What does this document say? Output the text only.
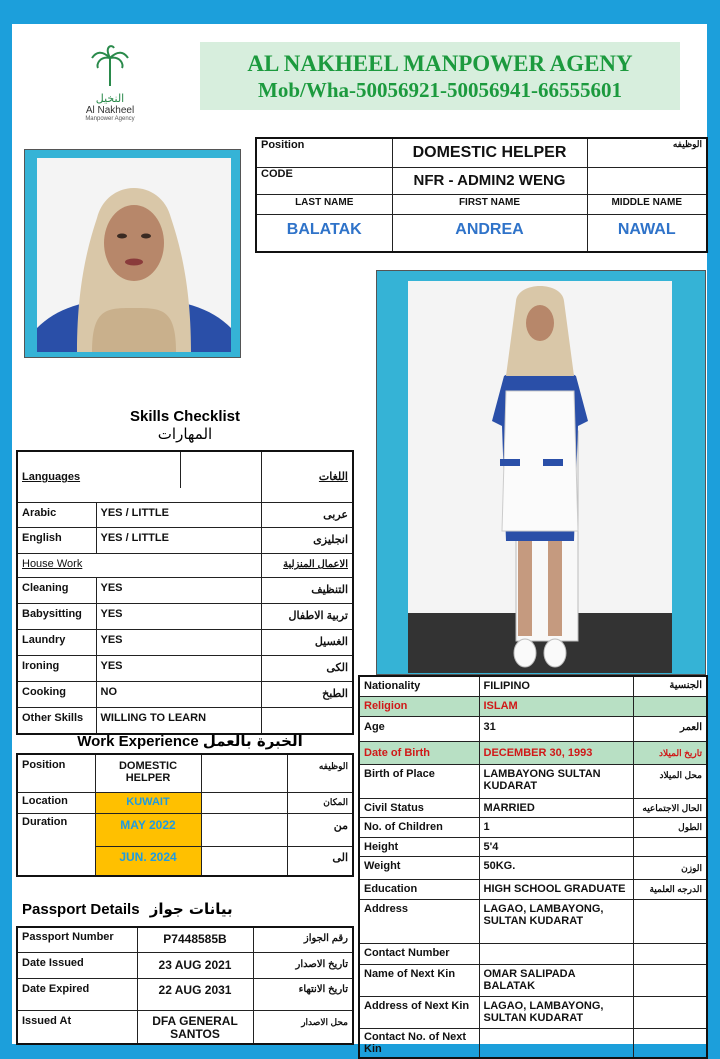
النخيل
Al Nakheel
Manpower Agency
AL NAKHEEL MANPOWER AGENY
Mob/Wha-50056921-50056941-66555601
Position	DOMESTIC HELPER	الوظيفه
CODE	NFR - ADMIN2 WENG	
LAST NAME	FIRST NAME	MIDDLE NAME
BALATAK	ANDREA	NAWAL
Skills Checklist
المهارات
Languages		اللغات
Arabic	YES / LITTLE	عربى
English	YES / LITTLE	انجليزى
House Work		الاعمال المنزلية
Cleaning	YES	التنظيف
Babysitting	YES	تربية الاطفال
Laundry	YES	الغسيل
Ironing	YES	الكى
Cooking	NO	الطبخ
Other Skills	WILLING TO LEARN	
Work Experience الخبرة بالعمل
Position	DOMESTIC HELPER		الوظيفه
Location	KUWAIT		المكان
Duration	MAY 2022		من
	JUN. 2024		الى
Passport Details بيانات جواز
Passport Number	P7448585B	رقم الجواز
Date Issued	23 AUG 2021	تاريخ الاصدار
Date Expired	22 AUG 2031	تاريخ الانتهاء
Issued At	DFA GENERAL SANTOS	محل الاصدار
Nationality	FILIPINO	الجنسية
Religion	ISLAM	
Age	31	العمر
Date of Birth	DECEMBER 30, 1993	تاريخ الميلاد
Birth of Place	LAMBAYONG SULTAN KUDARAT	محل الميلاد
Civil Status	MARRIED	الحال الاجتماعيه
No. of Children	1	الطول
Height	5'4	
Weight	50KG.	الوزن
Education	HIGH SCHOOL GRADUATE	الدرجه العلمية
Address	LAGAO, LAMBAYONG, SULTAN KUDARAT	
Contact Number		
Name of Next Kin	OMAR SALIPADA BALATAK	
Address of Next Kin	LAGAO, LAMBAYONG, SULTAN KUDARAT	
Contact No. of Next Kin		
